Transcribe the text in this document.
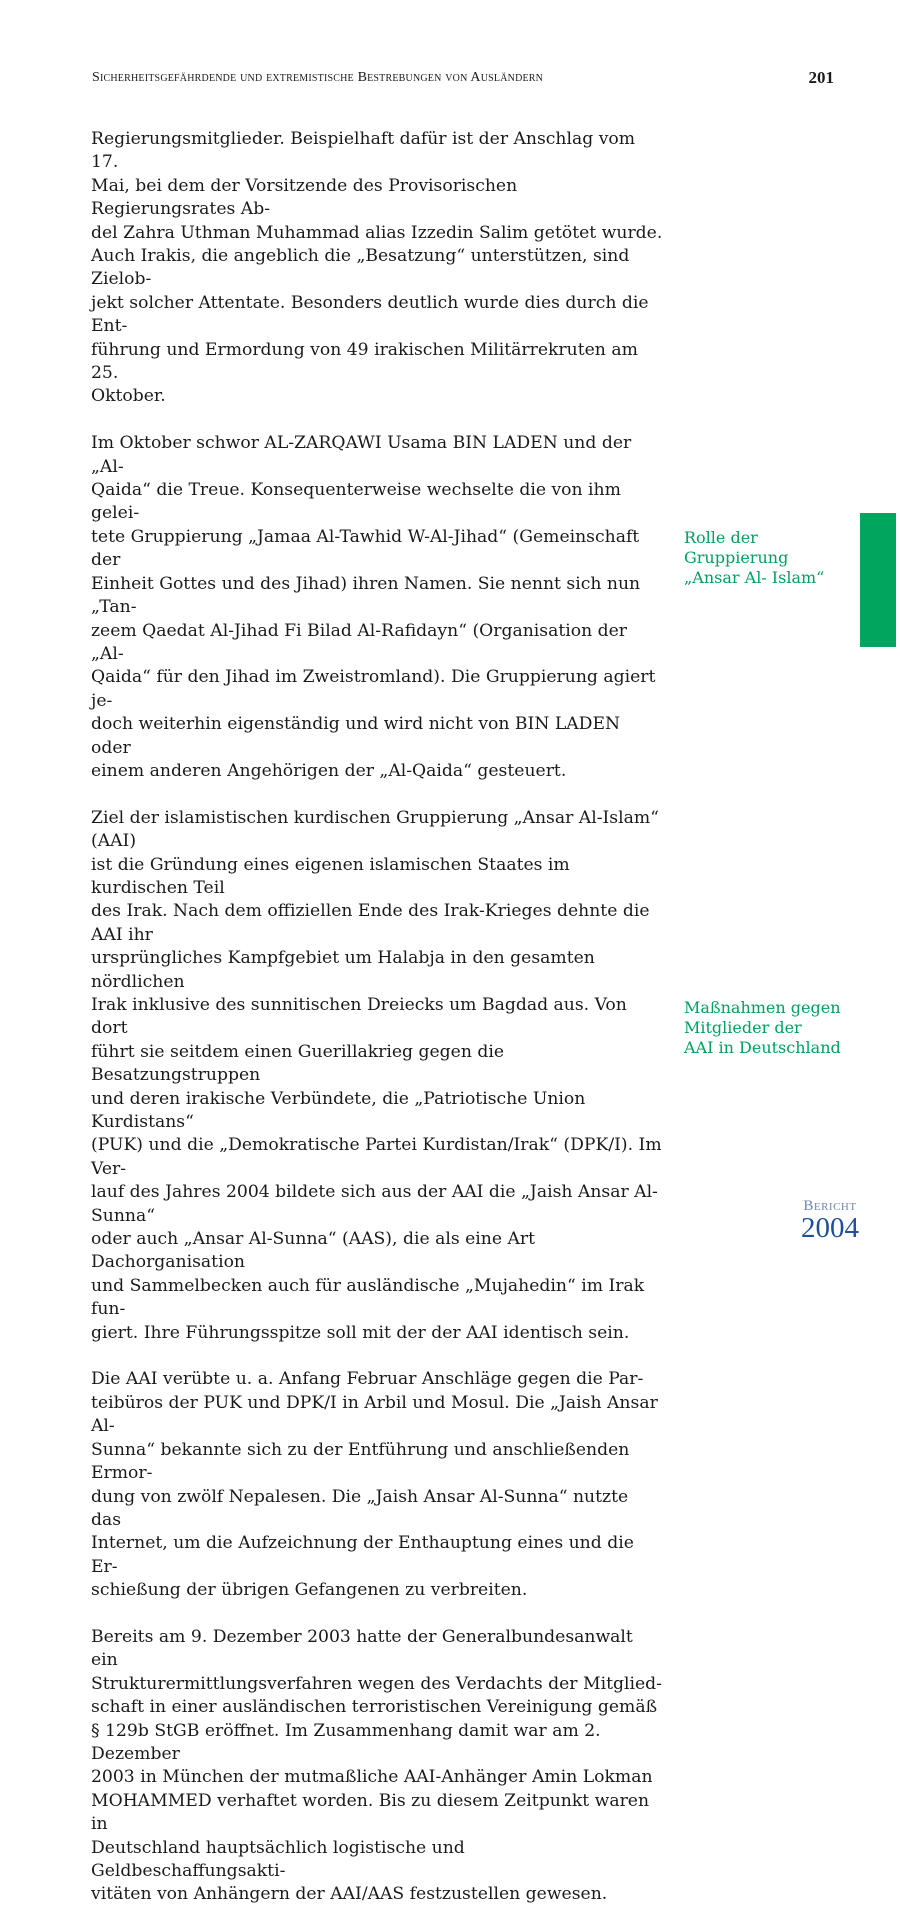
Sicherheitsgefährdende und extremistische Bestrebungen von Ausländern	201

Regierungsmitglieder. Beispielhaft dafür ist der Anschlag vom 17.
Mai, bei dem der Vorsitzende des Provisorischen Regierungsrates Ab-
del Zahra Uthman Muhammad alias Izzedin Salim getötet wurde.
Auch Irakis, die angeblich die „Besatzung“ unterstützen, sind Zielob-
jekt solcher Attentate. Besonders deutlich wurde dies durch die Ent-
führung und Ermordung von 49 irakischen Militärrekruten am 25.
Oktober.

Im Oktober schwor AL-ZARQAWI Usama BIN LADEN und der „Al-
Qaida“ die Treue. Konsequenterweise wechselte die von ihm gelei-
tete Gruppierung „Jamaa Al-Tawhid W-Al-Jihad“ (Gemeinschaft der
Einheit Gottes und des Jihad) ihren Namen. Sie nennt sich nun „Tan-
zeem Qaedat Al-Jihad Fi Bilad Al-Rafidayn“ (Organisation der „Al-
Qaida“ für den Jihad im Zweistromland). Die Gruppierung agiert je-
doch weiterhin eigenständig und wird nicht von BIN LADEN oder
einem anderen Angehörigen der „Al-Qaida“ gesteuert.

Ziel der islamistischen kurdischen Gruppierung „Ansar Al-Islam“ (AAI)
ist die Gründung eines eigenen islamischen Staates im kurdischen Teil
des Irak. Nach dem offiziellen Ende des Irak-Krieges dehnte die AAI ihr
ursprüngliches Kampfgebiet um Halabja in den gesamten nördlichen
Irak inklusive des sunnitischen Dreiecks um Bagdad aus. Von dort
führt sie seitdem einen Guerillakrieg gegen die Besatzungstruppen
und deren irakische Verbündete, die „Patriotische Union Kurdistans“
(PUK) und die „Demokratische Partei Kurdistan/Irak“ (DPK/I). Im Ver-
lauf des Jahres 2004 bildete sich aus der AAI die „Jaish Ansar Al-Sunna“
oder auch „Ansar Al-Sunna“ (AAS), die als eine Art Dachorganisation
und Sammelbecken auch für ausländische „Mujahedin“ im Irak fun-
giert. Ihre Führungsspitze soll mit der der AAI identisch sein.

Die AAI verübte u. a. Anfang Februar Anschläge gegen die Par-
teibüros der PUK und DPK/I in Arbil und Mosul. Die „Jaish Ansar Al-
Sunna“ bekannte sich zu der Entführung und anschließenden Ermor-
dung von zwölf Nepalesen. Die „Jaish Ansar Al-Sunna“ nutzte das
Internet, um die Aufzeichnung der Enthauptung eines und die Er-
schießung der übrigen Gefangenen zu verbreiten.

Bereits am 9. Dezember 2003 hatte der Generalbundesanwalt ein
Strukturermittlungsverfahren wegen des Verdachts der Mitglied-
schaft in einer ausländischen terroristischen Vereinigung gemäß
§ 129b StGB eröffnet. Im Zusammenhang damit war am 2. Dezember
2003 in München der mutmaßliche AAI-Anhänger Amin Lokman
MOHAMMED verhaftet worden. Bis zu diesem Zeitpunkt waren in
Deutschland hauptsächlich logistische und Geldbeschaffungsakti-
vitäten von Anhängern der AAI/AAS festzustellen gewesen.

Rolle der
Gruppierung
„Ansar Al- Islam“
Maßnahmen gegen
Mitglieder der
AAI in Deutschland
Bericht
2004
